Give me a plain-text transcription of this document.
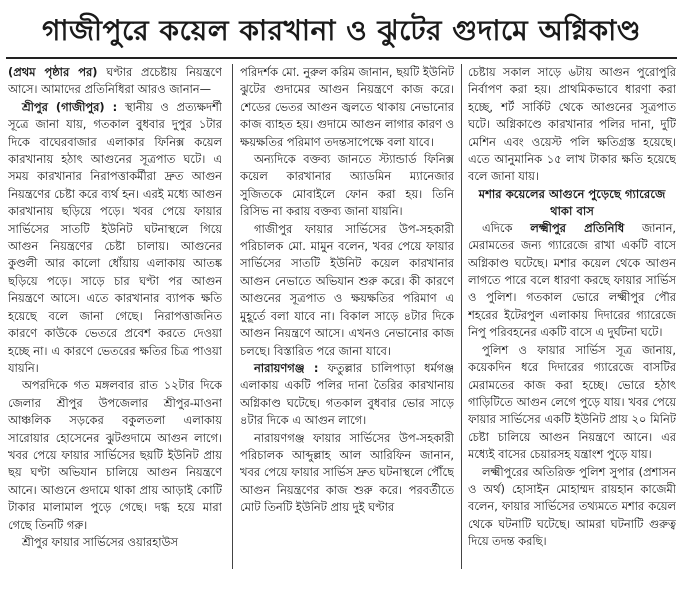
গাজীপুরে কয়েল কারখানা ও ঝুটের গুদামে অগ্নিকাণ্ড

(প্রথম পৃষ্ঠার পর) ঘণ্টার প্রচেষ্টায় নিয়ন্ত্রণে আসে। আমাদের প্রতিনিধিরা আরও জানান—

শ্রীপুর (গাজীপুর) : স্থানীয় ও প্রত্যক্ষদর্শী সূত্রে জানা যায়, গতকাল বুধবার দুপুর ১টার দিকে বাঘেরবাজার এলাকার ফিনিক্স কয়েল কারখানায় হঠাৎ আগুনের সূত্রপাত ঘটে। এ সময় কারখানার নিরাপত্তাকর্মীরা দ্রুত আগুন নিয়ন্ত্রণের চেষ্টা করে ব্যর্থ হন। এরই মধ্যে আগুন কারখানায় ছড়িয়ে পড়ে। খবর পেয়ে ফায়ার সার্ভিসের সাতটি ইউনিট ঘটনাস্থলে গিয়ে আগুন নিয়ন্ত্রণের চেষ্টা চালায়। আগুনের কুণ্ডলী আর কালো ধোঁয়ায় এলাকায় আতঙ্ক ছড়িয়ে পড়ে। সাড়ে চার ঘণ্টা পর আগুন নিয়ন্ত্রণে আসে। এতে কারখানার ব্যাপক ক্ষতি হয়েছে বলে জানা গেছে। নিরাপত্তাজনিত কারণে কাউকে ভেতরে প্রবেশ করতে দেওয়া হচ্ছে না। এ কারণে ভেতরের ক্ষতির চিত্র পাওয়া যায়নি।

অপরদিকে গত মঙ্গলবার রাত ১২টার দিকে জেলার শ্রীপুর উপজেলার শ্রীপুর-মাওনা আঞ্চলিক সড়কের বকুলতলা এলাকায় সারোয়ার হোসেনের ঝুটগুদামে আগুন লাগে। খবর পেয়ে ফায়ার সার্ভিসের ছয়টি ইউনিট প্রায় ছয় ঘণ্টা অভিযান চালিয়ে আগুন নিয়ন্ত্রণে আনে। আগুনে গুদামে থাকা প্রায় আড়াই কোটি টাকার মালামাল পুড়ে গেছে। দগ্ধ হয়ে মারা গেছে তিনটি গরু।

শ্রীপুর ফায়ার সার্ভিসের ওয়ারহাউস

পরিদর্শক মো. নুরুল করিম জানান, ছয়টি ইউনিট ঝুটের গুদামের আগুন নিয়ন্ত্রণে কাজ করে। শেডের ভেতর আগুন জ্বলতে থাকায় নেভানোর কাজ ব্যাহত হয়। গুদামে আগুন লাগার কারণ ও ক্ষয়ক্ষতির পরিমাণ তদন্তসাপেক্ষে বলা যাবে।

অন্যদিকে বক্তব্য জানতে স্ট্যান্ডার্ড ফিনিক্স কয়েল কারখানার অ্যাডমিন ম্যানেজার সুজিতকে মোবাইলে ফোন করা হয়। তিনি রিসিভ না করায় বক্তব্য জানা যায়নি।

গাজীপুর ফায়ার সার্ভিসের উপ-সহকারী পরিচালক মো. মামুন বলেন, খবর পেয়ে ফায়ার সার্ভিসের সাতটি ইউনিট কয়েল কারখানার আগুন নেভাতে অভিযান শুরু করে। কী কারণে আগুনের সূত্রপাত ও ক্ষয়ক্ষতির পরিমাণ এ মুহূর্তে বলা যাবে না। বিকাল সাড়ে ৪টার দিকে আগুন নিয়ন্ত্রণে আসে। এখনও নেভানোর কাজ চলছে। বিস্তারিত পরে জানা যাবে।

নারায়ণগঞ্জ : ফতুল্লার চালিপাড়া ধর্মগঞ্জ এলাকায় একটি পলির দানা তৈরির কারখানায় অগ্নিকাণ্ড ঘটেছে। গতকাল বুধবার ভোর সাড়ে ৪টার দিকে এ আগুন লাগে।

নারায়ণগঞ্জ ফায়ার সার্ভিসের উপ-সহকারী পরিচালক আব্দুল্লাহ আল আরিফিন জানান, খবর পেয়ে ফায়ার সার্ভিস দ্রুত ঘটনাস্থলে পৌঁছে আগুন নিয়ন্ত্রণের কাজ শুরু করে। পরবর্তীতে মোট তিনটি ইউনিট প্রায় দুই ঘণ্টার

চেষ্টায় সকাল সাড়ে ৬টায় আগুন পুরোপুরি নির্বাপণ করা হয়। প্রাথমিকভাবে ধারণা করা হচ্ছে, শর্ট সার্কিট থেকে আগুনের সূত্রপাত ঘটে। অগ্নিকাণ্ডে কারখানার পলির দানা, দুটি মেশিন এবং ওয়েস্ট পলি ক্ষতিগ্রস্ত হয়েছে। এতে আনুমানিক ১৫ লাখ টাকার ক্ষতি হয়েছে বলে জানা যায়।

মশার কয়েলের আগুনে পুড়েছে গ্যারেজে থাকা বাস

এদিকে লক্ষ্মীপুর প্রতিনিধি জানান, মেরামতের জন্য গ্যারেজে রাখা একটি বাসে অগ্নিকাণ্ড ঘটেছে। মশার কয়েল থেকে আগুন লাগতে পারে বলে ধারণা করছে ফায়ার সার্ভিস ও পুলিশ। গতকাল ভোরে লক্ষ্মীপুর পৌর শহরের ইটেরপুল এলাকায় দিদারের গ্যারেজে নিপু পরিবহনের একটি বাসে এ দুর্ঘটনা ঘটে।

পুলিশ ও ফায়ার সার্ভিস সূত্র জানায়, কয়েকদিন ধরে দিদারের গ্যারেজে বাসটির মেরামতের কাজ করা হচ্ছে। ভোরে হঠাৎ গাড়িটিতে আগুন লেগে পুড়ে যায়। খবর পেয়ে ফায়ার সার্ভিসের একটি ইউনিট প্রায় ২০ মিনিট চেষ্টা চালিয়ে আগুন নিয়ন্ত্রণে আনে। এর মধ্যেই বাসের চেয়ারসহ যন্ত্রাংশ পুড়ে যায়।

লক্ষ্মীপুরের অতিরিক্ত পুলিশ সুপার (প্রশাসন ও অর্থ) হোসাইন মোহাম্মদ রায়হান কাজেমী বলেন, ফায়ার সার্ভিসের তথ্যমতে মশার কয়েল থেকে ঘটনাটি ঘটেছে। আমরা ঘটনাটি গুরুত্ব দিয়ে তদন্ত করছি।
